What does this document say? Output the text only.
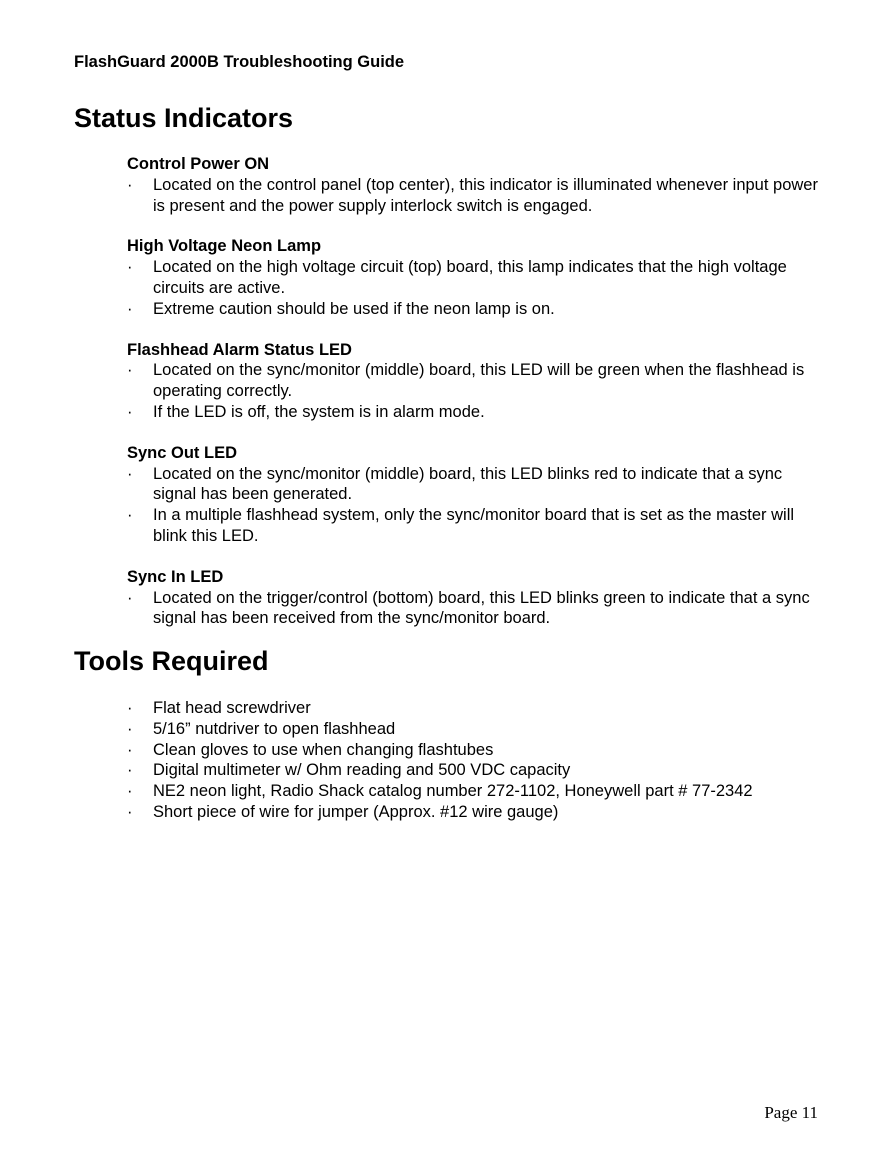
FlashGuard 2000B Troubleshooting Guide
Status Indicators
Control Power ON
· Located on the control panel (top center), this indicator is illuminated whenever input power is present and the power supply interlock switch is engaged.
High Voltage Neon Lamp
· Located on the high voltage circuit (top) board, this lamp indicates that the high voltage circuits are active.
· Extreme caution should be used if the neon lamp is on.
Flashhead Alarm Status LED
· Located on the sync/monitor (middle) board, this LED will be green when the flashhead is operating correctly.
· If the LED is off, the system is in alarm mode.
Sync Out LED
· Located on the sync/monitor (middle) board, this LED blinks red to indicate that a sync signal has been generated.
· In a multiple flashhead system, only the sync/monitor board that is set as the master will blink this LED.
Sync In LED
· Located on the trigger/control (bottom) board, this LED blinks green to indicate that a sync signal has been received from the sync/monitor board.
Tools Required
· Flat head screwdriver
· 5/16” nutdriver to open flashhead
· Clean gloves to use when changing flashtubes
· Digital multimeter w/ Ohm reading and 500 VDC capacity
· NE2 neon light, Radio Shack catalog number 272-1102, Honeywell part # 77-2342
· Short piece of wire for jumper (Approx. #12 wire gauge)
Page 11
